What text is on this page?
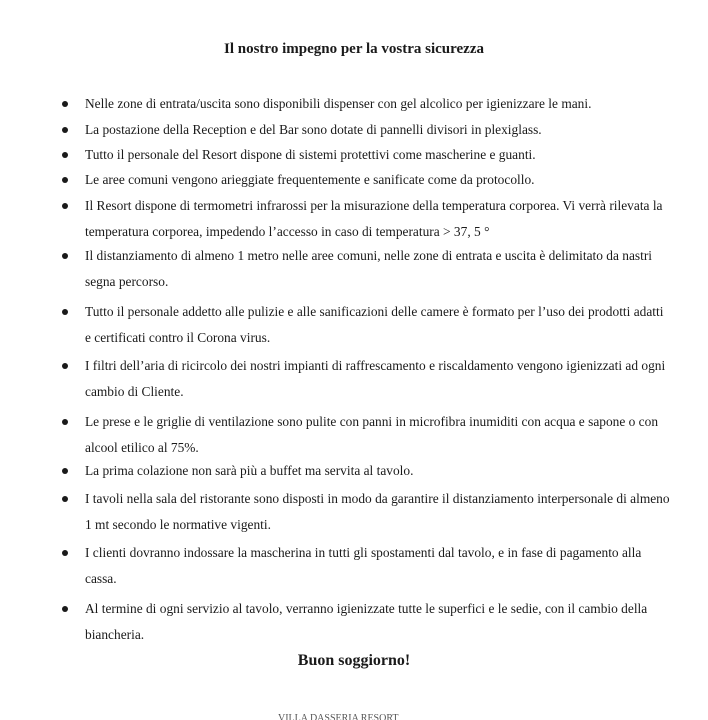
Il nostro impegno per la vostra sicurezza
Nelle zone di entrata/uscita sono disponibili dispenser con gel alcolico per igienizzare le mani.
La postazione della Reception e del Bar sono dotate di pannelli divisori in plexiglass.
Tutto il personale del Resort dispone di sistemi protettivi come mascherine e guanti.
Le aree comuni vengono arieggiate frequentemente e sanificate come da protocollo.
Il Resort dispone di termometri infrarossi per la misurazione della temperatura corporea. Vi verrà rilevata la temperatura corporea, impedendo l’accesso in caso di temperatura > 37, 5 °
Il distanziamento di almeno 1 metro nelle aree comuni, nelle zone di entrata e uscita è delimitato da nastri segna percorso.
Tutto il personale addetto alle pulizie e alle sanificazioni delle camere è formato per l’uso dei prodotti adatti e certificati contro il Corona virus.
I filtri dell’aria di ricircolo dei nostri impianti di raffrescamento e riscaldamento vengono igienizzati ad ogni cambio di Cliente.
Le prese e le griglie di ventilazione sono pulite con panni in microfibra inumiditi con acqua e sapone o con alcool etilico al 75%.
La prima colazione non sarà più a buffet ma servita al tavolo.
I tavoli nella sala del ristorante sono disposti in modo da garantire il distanziamento interpersonale di almeno 1 mt secondo le normative vigenti.
I clienti dovranno indossare la mascherina in tutti gli spostamenti dal tavolo, e in fase di pagamento alla cassa.
Al termine di ogni servizio al tavolo, verranno igienizzate tutte le superfici e le sedie, con il cambio della biancheria.

Buon soggiorno!

VILLA DASSERIA RESORT
